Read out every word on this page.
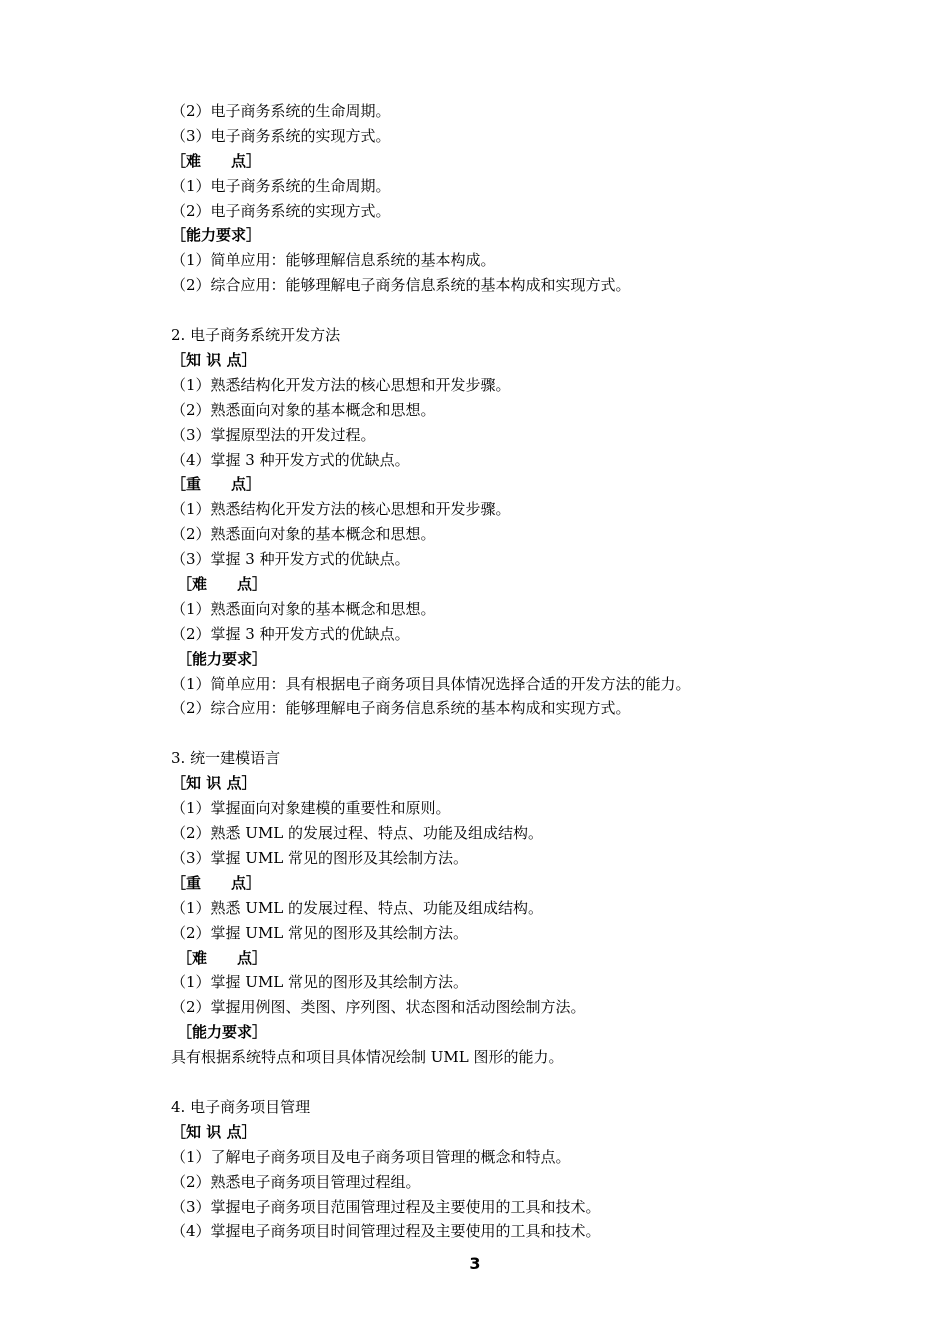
（2）电子商务系统的生命周期。
（3）电子商务系统的实现方式。
［难　　点］
（1）电子商务系统的生命周期。
（2）电子商务系统的实现方式。
［能力要求］
（1）简单应用：能够理解信息系统的基本构成。
（2）综合应用：能够理解电子商务信息系统的基本构成和实现方式。
2. 电子商务系统开发方法
［知 识 点］
（1）熟悉结构化开发方法的核心思想和开发步骤。
（2）熟悉面向对象的基本概念和思想。
（3）掌握原型法的开发过程。
（4）掌握 3 种开发方式的优缺点。
［重　　点］
（1）熟悉结构化开发方法的核心思想和开发步骤。
（2）熟悉面向对象的基本概念和思想。
（3）掌握 3 种开发方式的优缺点。
［难　　点］
（1）熟悉面向对象的基本概念和思想。
（2）掌握 3 种开发方式的优缺点。
［能力要求］
（1）简单应用：具有根据电子商务项目具体情况选择合适的开发方法的能力。
（2）综合应用：能够理解电子商务信息系统的基本构成和实现方式。
3. 统一建模语言
［知 识 点］
（1）掌握面向对象建模的重要性和原则。
（2）熟悉 UML 的发展过程、特点、功能及组成结构。
（3）掌握 UML 常见的图形及其绘制方法。
［重　　点］
（1）熟悉 UML 的发展过程、特点、功能及组成结构。
（2）掌握 UML 常见的图形及其绘制方法。
［难　　点］
（1）掌握 UML 常见的图形及其绘制方法。
（2）掌握用例图、类图、序列图、状态图和活动图绘制方法。
［能力要求］
具有根据系统特点和项目具体情况绘制 UML 图形的能力。
4. 电子商务项目管理
［知 识 点］
（1）了解电子商务项目及电子商务项目管理的概念和特点。
（2）熟悉电子商务项目管理过程组。
（3）掌握电子商务项目范围管理过程及主要使用的工具和技术。
（4）掌握电子商务项目时间管理过程及主要使用的工具和技术。
3
